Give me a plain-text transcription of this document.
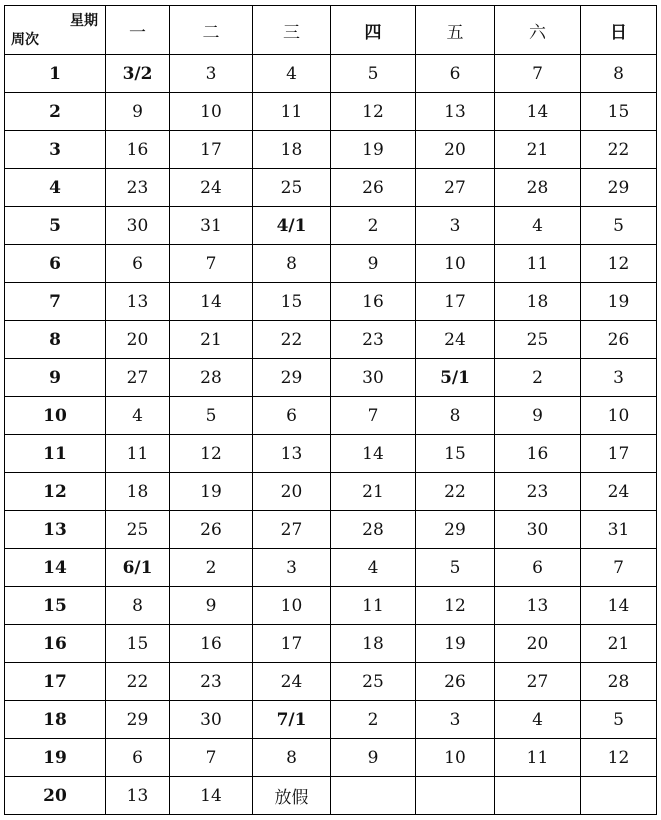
星期
周次	一	二	三	四	五	六	日
1	3/2	3	4	5	6	7	8
2	9	10	11	12	13	14	15
3	16	17	18	19	20	21	22
4	23	24	25	26	27	28	29
5	30	31	4/1	2	3	4	5
6	6	7	8	9	10	11	12
7	13	14	15	16	17	18	19
8	20	21	22	23	24	25	26
9	27	28	29	30	5/1	2	3
10	4	5	6	7	8	9	10
11	11	12	13	14	15	16	17
12	18	19	20	21	22	23	24
13	25	26	27	28	29	30	31
14	6/1	2	3	4	5	6	7
15	8	9	10	11	12	13	14
16	15	16	17	18	19	20	21
17	22	23	24	25	26	27	28
18	29	30	7/1	2	3	4	5
19	6	7	8	9	10	11	12
20	13	14	放假				
